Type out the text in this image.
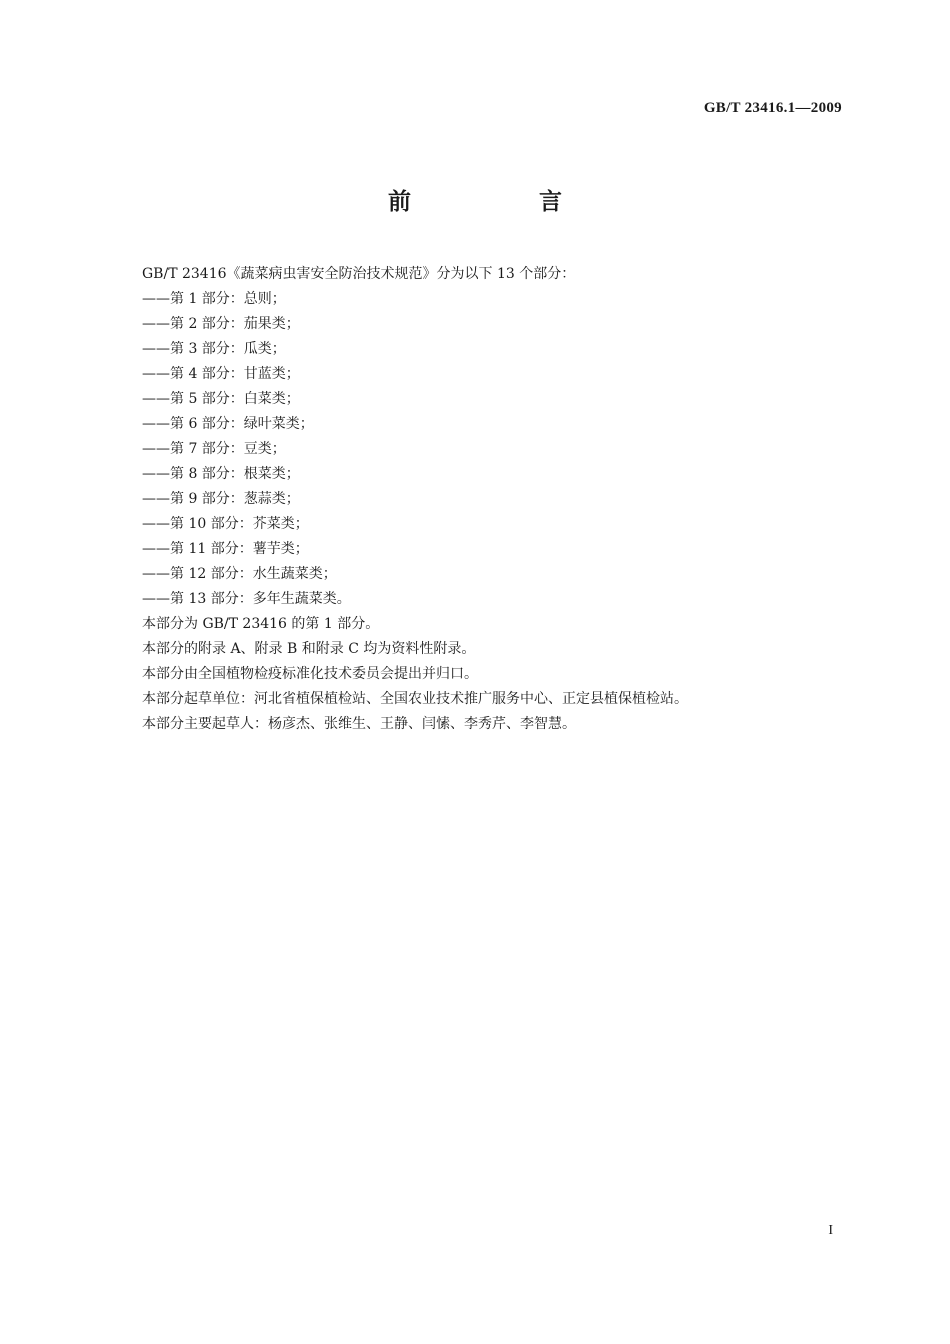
GB/T 23416.1—2009
前 言

GB/T 23416《蔬菜病虫害安全防治技术规范》分为以下 13 个部分：

——第 1 部分：总则；

——第 2 部分：茄果类；

——第 3 部分：瓜类；

——第 4 部分：甘蓝类；

——第 5 部分：白菜类；

——第 6 部分：绿叶菜类；

——第 7 部分：豆类；

——第 8 部分：根菜类；

——第 9 部分：葱蒜类；

——第 10 部分：芥菜类；

——第 11 部分：薯芋类；

——第 12 部分：水生蔬菜类；

——第 13 部分：多年生蔬菜类。

本部分为 GB/T 23416 的第 1 部分。

本部分的附录 A、附录 B 和附录 C 均为资料性附录。

本部分由全国植物检疫标准化技术委员会提出并归口。

本部分起草单位：河北省植保植检站、全国农业技术推广服务中心、正定县植保植检站。

本部分主要起草人：杨彦杰、张维生、王静、闫愫、李秀芹、李智慧。

I
